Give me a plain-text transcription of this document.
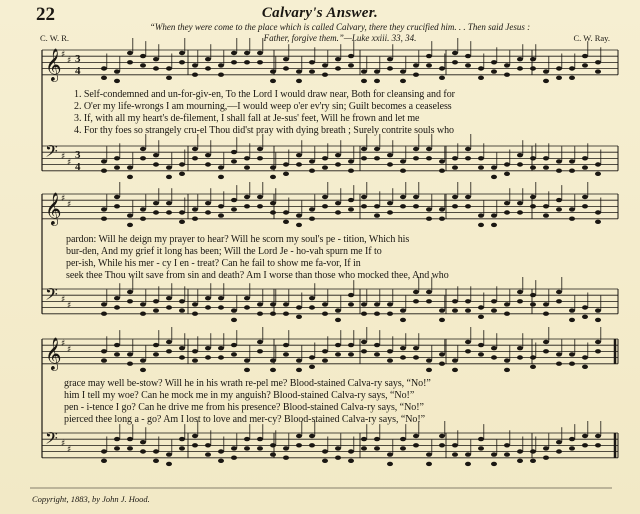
22	Calvary's Answer.
“When they were come to the place which is called Calvary, there they crucified him. . . Then said Jesus :
Father, forgive them.”—Luke xxiii. 33, 34.
C. W. R.	C. W. Ray.
𝄞 ♯
♯ 3
4
𝄢 ♯
♯
3
4
𝄞 ♯
♯
𝄢 ♯
♯
𝄞 ♯
♯
𝄢 ♯
♯
1. Self-condemned and un-for-giv-en, To the Lord I would draw near, Both for cleansing and for
2. O'er my life-wrongs I am mourning,—I would weep o'er ev'ry sin; Guilt becomes a ceaseless
3. If, with all my heart's de-filement, I shall fall at Je-sus' feet, Will he frown and let me
4. For thy foes so strangely cru-el Thou did'st pray with dying breath ; Surely contrite souls who
pardon: Will he deign my prayer to hear? Will he scorn my soul's pe - tition, Which his
bur-den, And my grief it long has been; Will the Lord Je - ho-vah spurn me If to
per-ish, While his mer - cy I en - treat? Can he fail to show me fa-vor, If in
seek thee Thou wilt save from sin and death? Am I worse than those who mocked thee, And who
grace may well be-stow? Will he in his wrath re-pel me? Blood-stained Calva-ry says, “No!”
him I tell my woe? Can he mock me in my anguish? Blood-stained Calva-ry says, “No!”
pen - i-tence I go? Can he drive me from his presence? Blood-stained Calva-ry says, “No!”
pierced thee long a - go? Am I lost to love and mer-cy? Blood-stained Calva-ry says, “No!”
Copyright, 1883, by John J. Hood.
